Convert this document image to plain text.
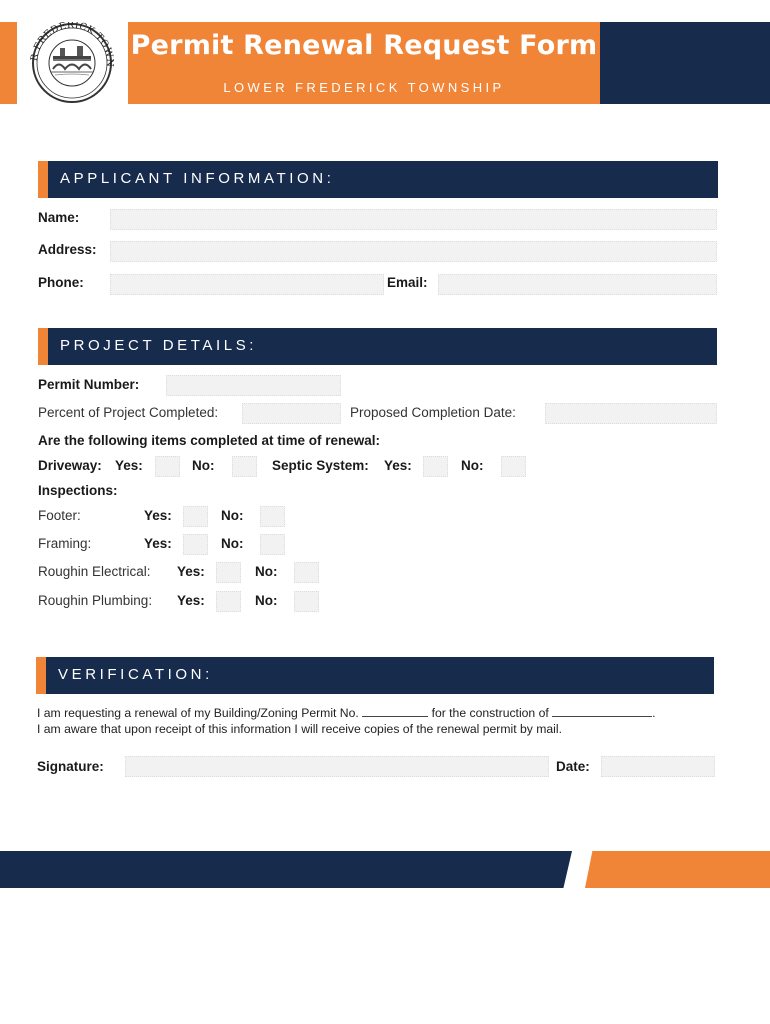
R FREDERICK TOWN
Permit Renewal Request Form
LOWER FREDERICK TOWNSHIP
APPLICANT INFORMATION:
Name:
Address:
Phone:	Email:
PROJECT DETAILS:
Permit Number:
Percent of Project Completed:	Proposed Completion Date:
Are the following items completed at time of renewal:
Driveway: Yes:	No:	Septic System: Yes:	No:
Inspections:
Footer:	Yes:	No:
Framing:	Yes:	No:
Roughin Electrical: Yes:	No:
Roughin Plumbing: Yes:	No:
VERIFICATION:
I am requesting a renewal of my Building/Zoning Permit No.	for the construction of	.
I am aware that upon receipt of this information I will receive copies of the renewal permit by mail.
Signature:	Date:
